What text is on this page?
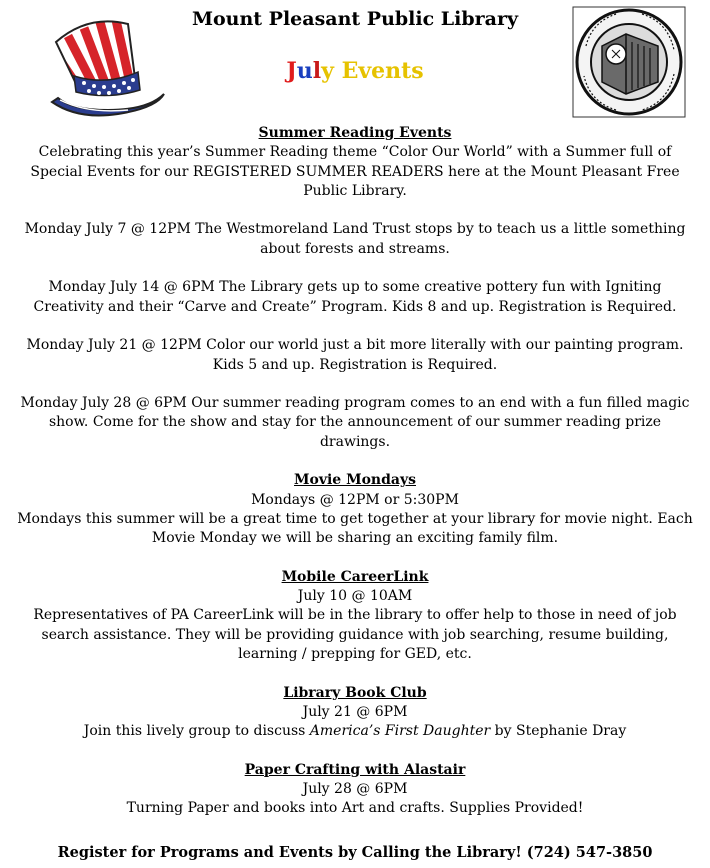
Mount Pleasant Public Library
July Events
Summer Reading Events
Celebrating this year’s Summer Reading theme “Color Our World” with a Summer full of
Special Events for our REGISTERED SUMMER READERS here at the Mount Pleasant Free
Public Library.
Monday July 7 @ 12PM The Westmoreland Land Trust stops by to teach us a little something
about forests and streams.
Monday July 14 @ 6PM The Library gets up to some creative pottery fun with Igniting
Creativity and their “Carve and Create” Program. Kids 8 and up. Registration is Required.
Monday July 21 @ 12PM Color our world just a bit more literally with our painting program.
Kids 5 and up. Registration is Required.
Monday July 28 @ 6PM Our summer reading program comes to an end with a fun filled magic
show. Come for the show and stay for the announcement of our summer reading prize
drawings.
Movie Mondays
Mondays @ 12PM or 5:30PM
Mondays this summer will be a great time to get together at your library for movie night. Each
Movie Monday we will be sharing an exciting family film.
Mobile CareerLink
July 10 @ 10AM
Representatives of PA CareerLink will be in the library to offer help to those in need of job
search assistance. They will be providing guidance with job searching, resume building,
learning / prepping for GED, etc.
Library Book Club
July 21 @ 6PM
Join this lively group to discuss America’s First Daughter by Stephanie Dray
Paper Crafting with Alastair
July 28 @ 6PM
Turning Paper and books into Art and crafts. Supplies Provided!
Register for Programs and Events by Calling the Library! (724) 547-3850
